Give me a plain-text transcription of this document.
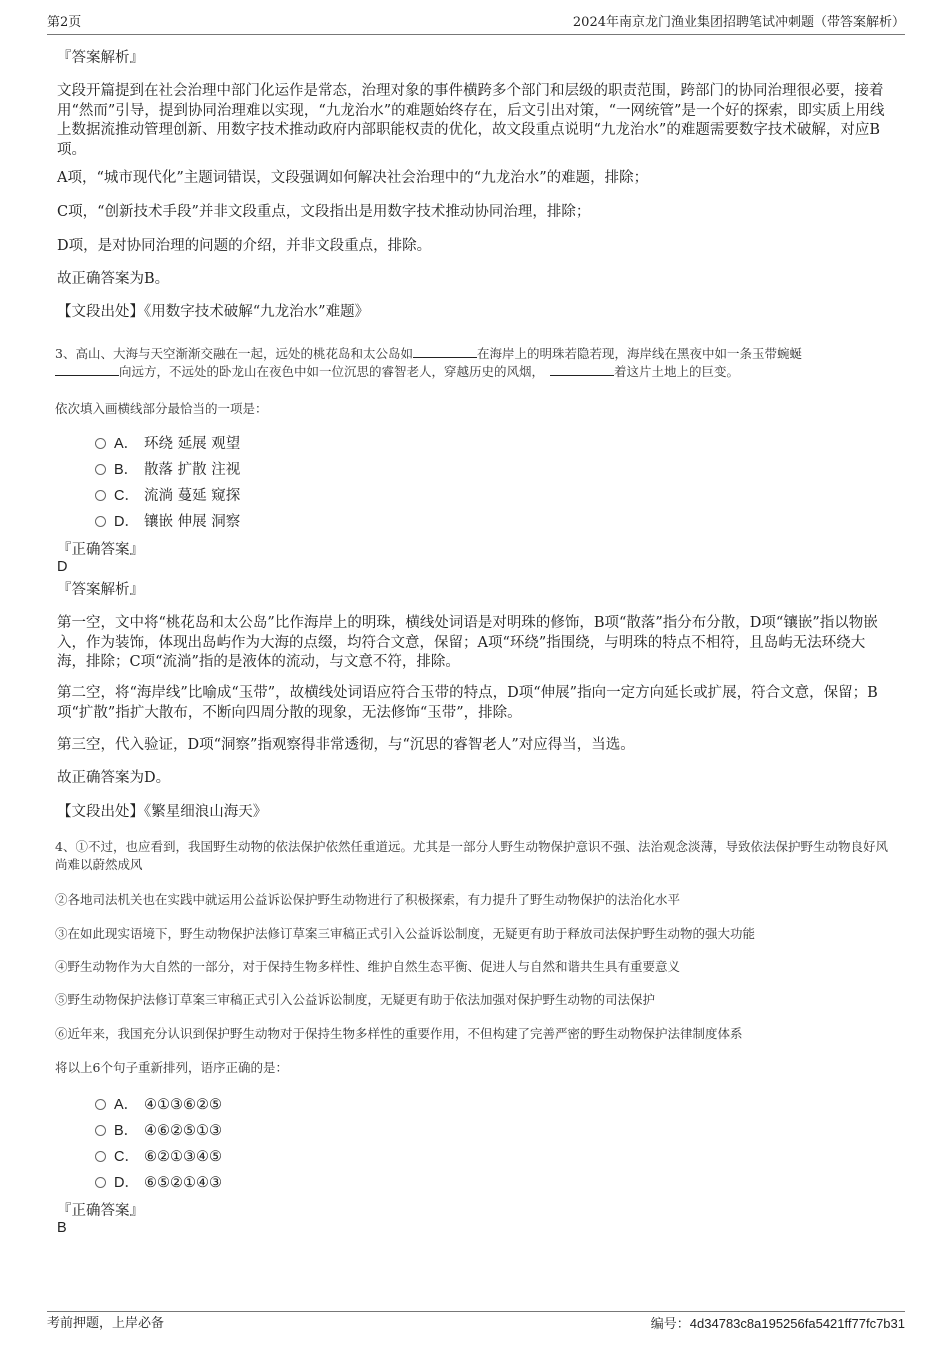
第2页	2024年南京龙门渔业集团招聘笔试冲刺题（带答案解析）
『答案解析』
文段开篇提到在社会治理中部门化运作是常态，治理对象的事件横跨多个部门和层级的职责范围，跨部门的协同治理很必要，接着用“然而”引导，提到协同治理难以实现，“九龙治水”的难题始终存在，后文引出对策，“一网统管”是一个好的探索，即实质上用线上数据流推动管理创新、用数字技术推动政府内部职能权责的优化，故文段重点说明“九龙治水”的难题需要数字技术破解，对应B项。
A项，“城市现代化”主题词错误，文段强调如何解决社会治理中的“九龙治水”的难题，排除；
C项，“创新技术手段”并非文段重点，文段指出是用数字技术推动协同治理，排除；
D项，是对协同治理的问题的介绍，并非文段重点，排除。
故正确答案为B。
【文段出处】《用数字技术破解“九龙治水”难题》
3、高山、大海与天空渐渐交融在一起，远处的桃花岛和太公岛如	在海岸上的明珠若隐若现，海岸线在黑夜中如一条玉带蜿蜒
向远方，不远处的卧龙山在夜色中如一位沉思的睿智老人，穿越历史的风烟，	着这片土地上的巨变。
依次填入画横线部分最恰当的一项是：
A． 环绕 延展 观望
B． 散落 扩散 注视
C． 流淌 蔓延 窥探
D． 镶嵌 伸展 洞察
『正确答案』
D
『答案解析』
第一空，文中将“桃花岛和太公岛”比作海岸上的明珠，横线处词语是对明珠的修饰，B项“散落”指分布分散，D项“镶嵌”指以物嵌入，作为装饰，体现出岛屿作为大海的点缀，均符合文意，保留；A项“环绕”指围绕，与明珠的特点不相符，且岛屿无法环绕大海，排除；C项“流淌”指的是液体的流动，与文意不符，排除。
第二空，将“海岸线”比喻成“玉带”，故横线处词语应符合玉带的特点，D项“伸展”指向一定方向延长或扩展，符合文意，保留；B项“扩散”指扩大散布，不断向四周分散的现象，无法修饰“玉带”，排除。
第三空，代入验证，D项“洞察”指观察得非常透彻，与“沉思的睿智老人”对应得当，当选。
故正确答案为D。
【文段出处】《繁星细浪山海天》
4、①不过，也应看到，我国野生动物的依法保护依然任重道远。尤其是一部分人野生动物保护意识不强、法治观念淡薄，导致依法保护野生动物良好风尚难以蔚然成风
②各地司法机关也在实践中就运用公益诉讼保护野生动物进行了积极探索，有力提升了野生动物保护的法治化水平
③在如此现实语境下，野生动物保护法修订草案三审稿正式引入公益诉讼制度，无疑更有助于释放司法保护野生动物的强大功能
④野生动物作为大自然的一部分，对于保持生物多样性、维护自然生态平衡、促进人与自然和谐共生具有重要意义
⑤野生动物保护法修订草案三审稿正式引入公益诉讼制度，无疑更有助于依法加强对保护野生动物的司法保护
⑥近年来，我国充分认识到保护野生动物对于保持生物多样性的重要作用，不但构建了完善严密的野生动物保护法律制度体系
将以上6个句子重新排列，语序正确的是：
A． ④①③⑥②⑤
B． ④⑥②⑤①③
C． ⑥②①③④⑤
D． ⑥⑤②①④③
『正确答案』
B
考前押题，上岸必备	编号：4d34783c8a195256fa5421ff77fc7b31
